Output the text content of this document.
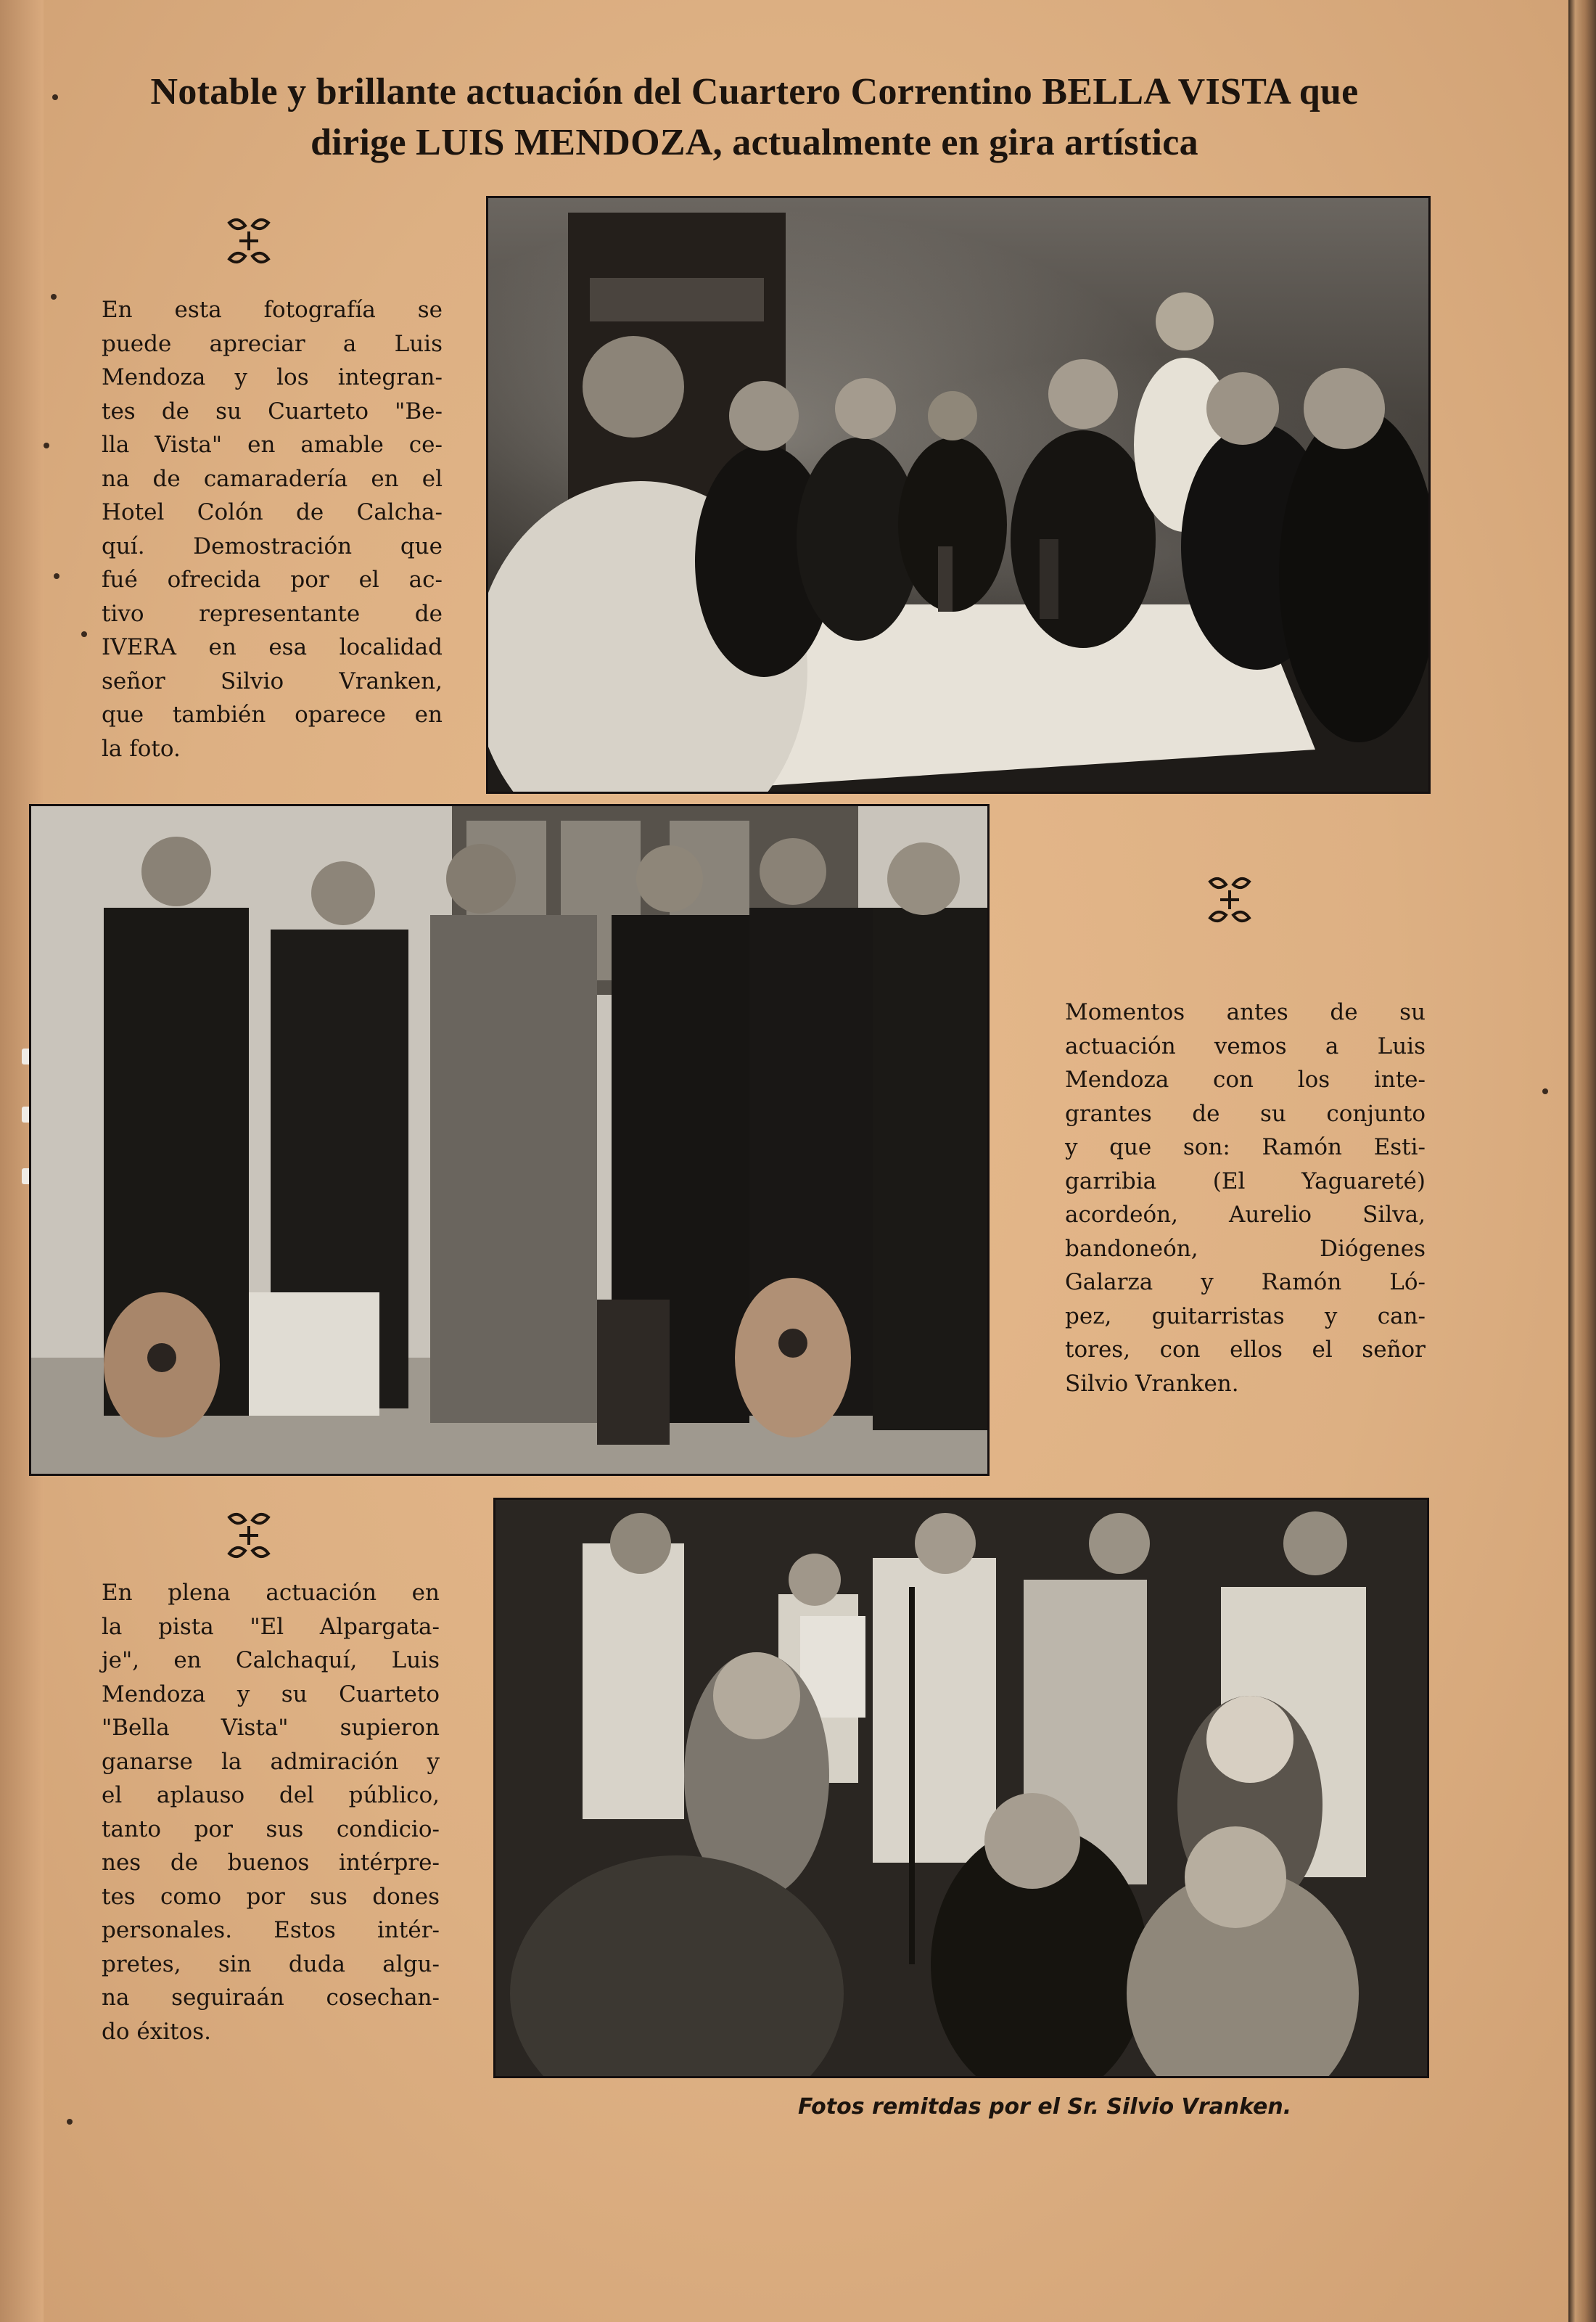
Notable y brillante actuación del Cuartero Correntino BELLA VISTA que
dirige LUIS MENDOZA, actualmente en gira artística
En esta fotografía se
puede apreciar a Luis
Mendoza y los integran-
tes de su Cuarteto "Be-
lla Vista" en amable ce-
na de camaradería en el
Hotel Colón de Calcha-
quí. Demostración que
fué ofrecida por el ac-
tivo representante de
IVERA en esa localidad
señor Silvio Vranken,
que también oparece en
la foto.
Momentos antes de su
actuación vemos a Luis
Mendoza con los inte-
grantes de su conjunto
y que son: Ramón Esti-
garribia (El Yaguareté)
acordeón, Aurelio Silva,
bandoneón, Diógenes
Galarza y Ramón Ló-
pez, guitarristas y can-
tores, con ellos el señor
Silvio Vranken.
En plena actuación en
la pista "El Alpargata-
je", en Calchaquí, Luis
Mendoza y su Cuarteto
"Bella Vista" supieron
ganarse la admiración y
el aplauso del público,
tanto por sus condicio-
nes de buenos intérpre-
tes como por sus dones
personales. Estos intér-
pretes, sin duda algu-
na seguiraán cosechan-
do éxitos.
Fotos remitdas por el Sr. Silvio Vranken.
